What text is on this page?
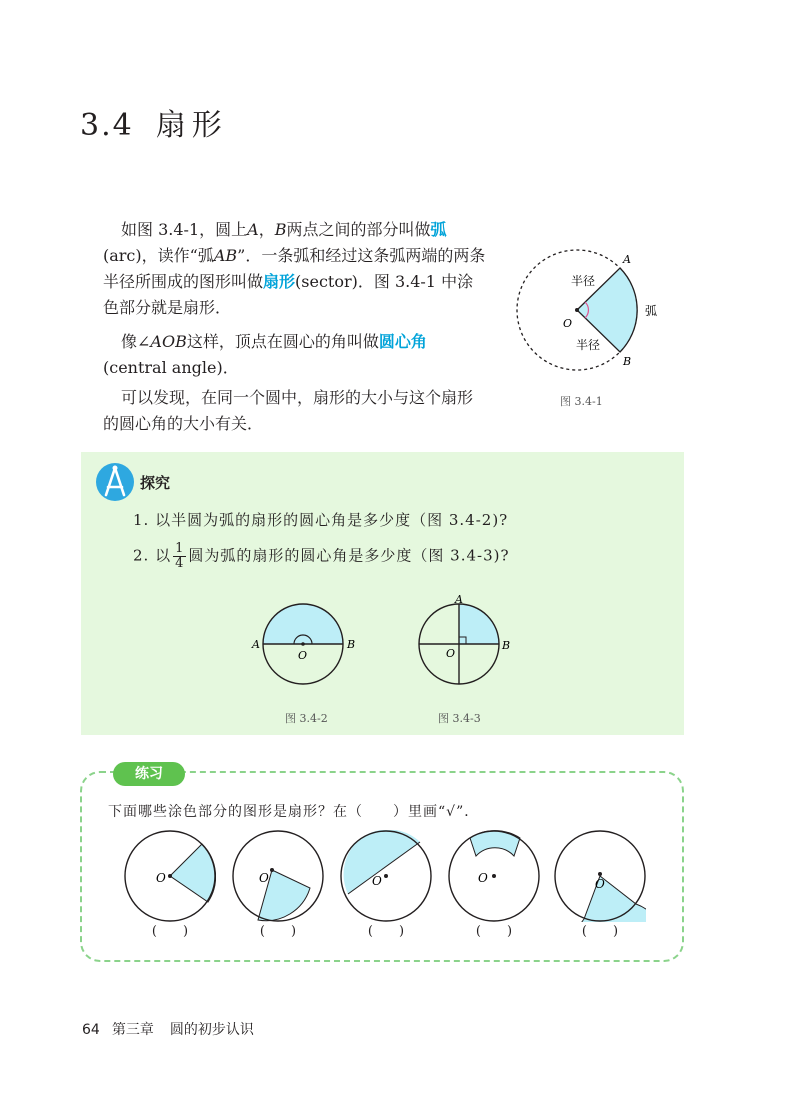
3.4 扇形
如图 3.4-1，圆上A，B两点之间的部分叫做弧(arc)，读作“弧AB”．一条弧和经过这条弧两端的两条半径所围成的图形叫做扇形(sector)．图 3.4-1 中涂色部分就是扇形．
像∠AOB这样，顶点在圆心的角叫做圆心角(central angle)．
可以发现，在同一个圆中，扇形的大小与这个扇形的圆心角的大小有关．
半径
半径
弧
A
B
O
图 3.4-1
探究
1. 以半圆为弧的扇形的圆心角是多少度（图 3.4-2)?
2. 以 $\frac{1}{4}$ 圆为弧的扇形的圆心角是多少度（图 3.4-3)?
A	B
O
图 3.4-2
A
B
O
图 3.4-3
练习
下面哪些涂色部分的图形是扇形？在（　　）里画“√”．
O
(　　)
O
(　　)
O
(　　)
O
(　　)
O
(　　)
64 第三章 圆的初步认识
